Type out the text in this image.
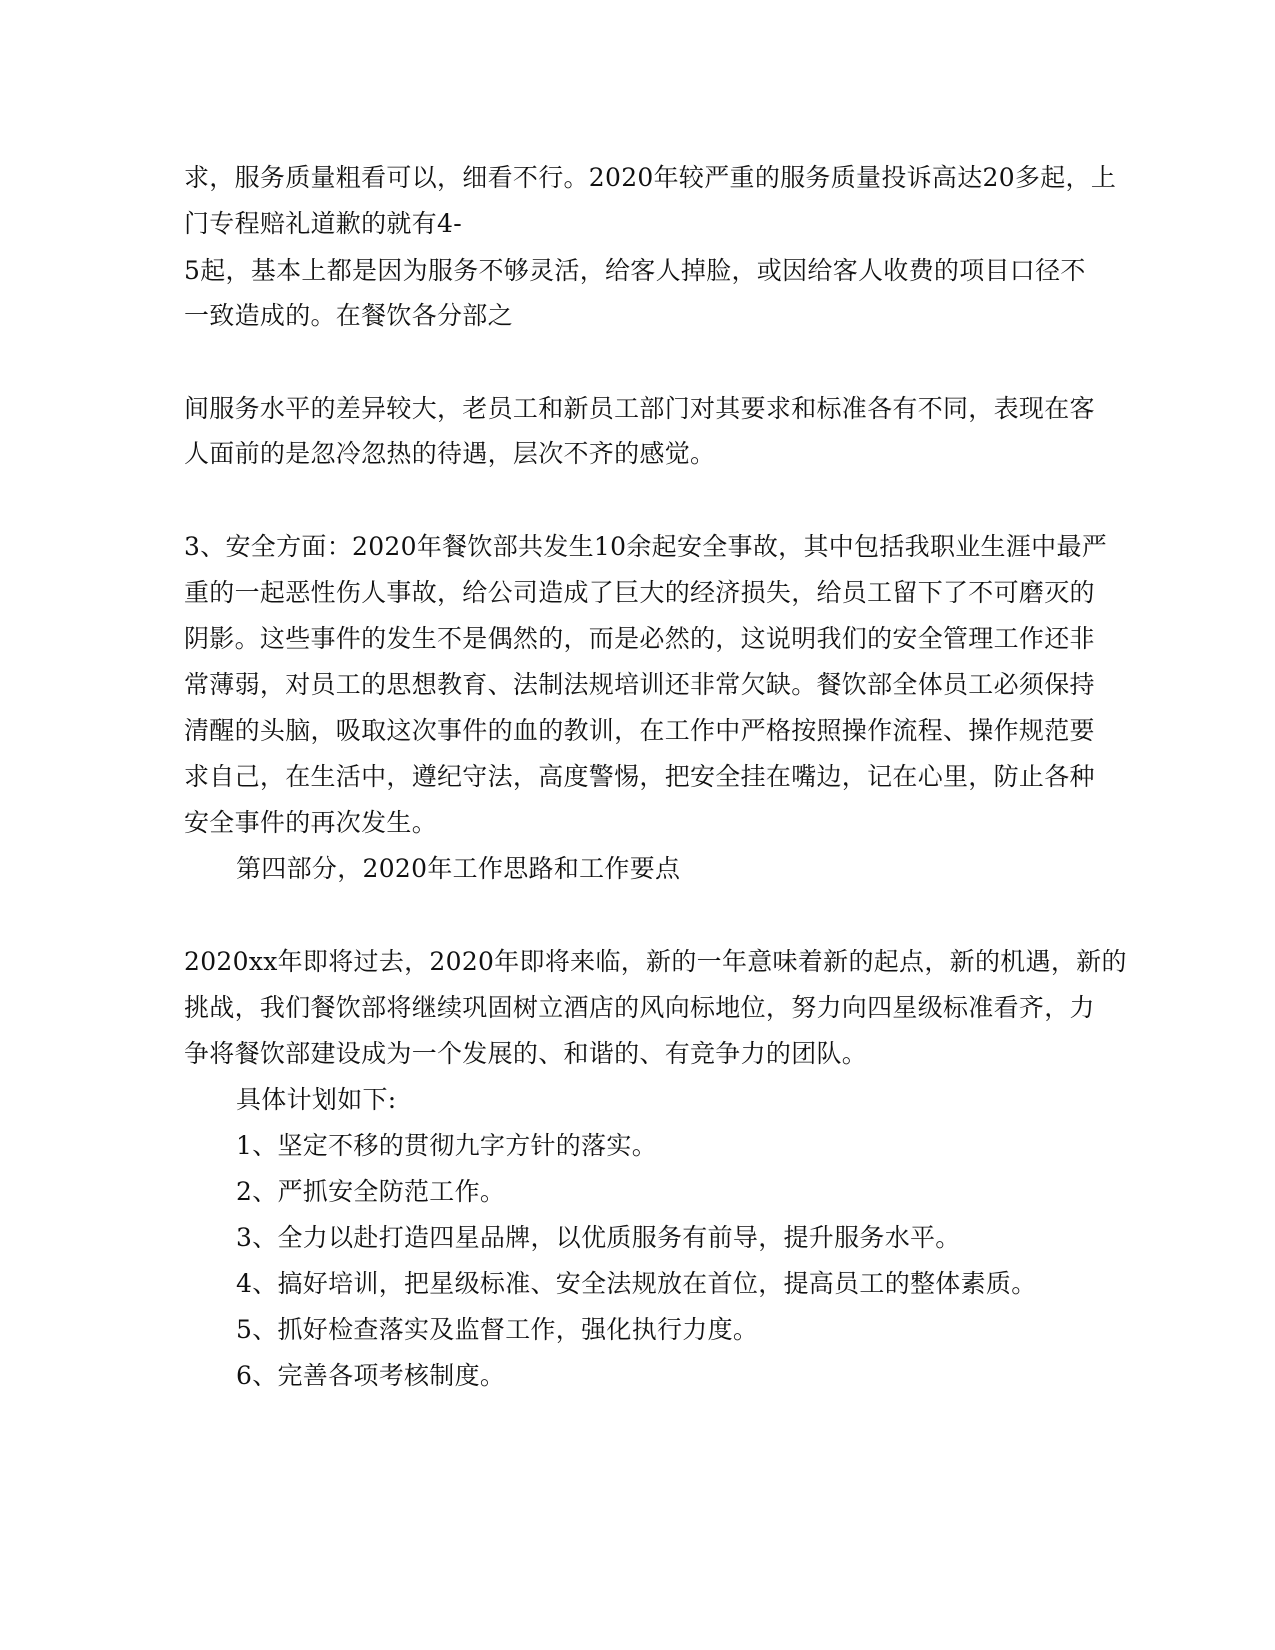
求，服务质量粗看可以，细看不行。2020年较严重的服务质量投诉高达20多起，上
门专程赔礼道歉的就有4-
5起，基本上都是因为服务不够灵活，给客人掉脸，或因给客人收费的项目口径不
一致造成的。在餐饮各分部之
间服务水平的差异较大，老员工和新员工部门对其要求和标准各有不同，表现在客
人面前的是忽冷忽热的待遇，层次不齐的感觉。
3、安全方面：2020年餐饮部共发生10余起安全事故，其中包括我职业生涯中最严
重的一起恶性伤人事故，给公司造成了巨大的经济损失，给员工留下了不可磨灭的
阴影。这些事件的发生不是偶然的，而是必然的，这说明我们的安全管理工作还非
常薄弱，对员工的思想教育、法制法规培训还非常欠缺。餐饮部全体员工必须保持
清醒的头脑，吸取这次事件的血的教训，在工作中严格按照操作流程、操作规范要
求自己，在生活中，遵纪守法，高度警惕，把安全挂在嘴边，记在心里，防止各种
安全事件的再次发生。
第四部分，2020年工作思路和工作要点
2020xx年即将过去，2020年即将来临，新的一年意味着新的起点，新的机遇，新的
挑战，我们餐饮部将继续巩固树立酒店的风向标地位，努力向四星级标准看齐，力
争将餐饮部建设成为一个发展的、和谐的、有竞争力的团队。
具体计划如下:
1、坚定不移的贯彻九字方针的落实。
2、严抓安全防范工作。
3、全力以赴打造四星品牌，以优质服务有前导，提升服务水平。
4、搞好培训，把星级标准、安全法规放在首位，提高员工的整体素质。
5、抓好检查落实及监督工作，强化执行力度。
6、完善各项考核制度。
